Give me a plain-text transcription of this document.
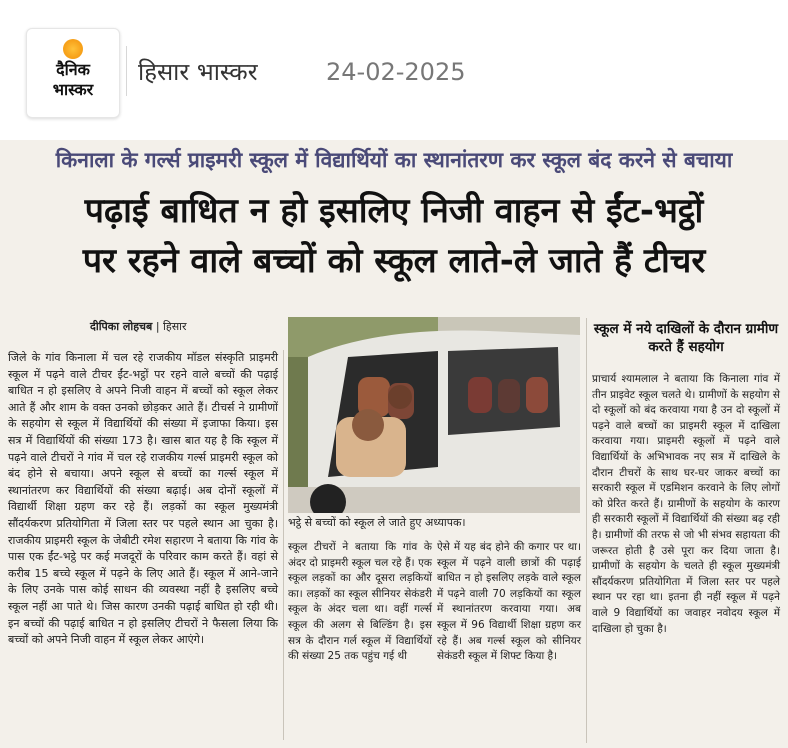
दैनिक
भास्कर
हिसार भास्कर	24-02-2025
किनाला के गर्ल्स प्राइमरी स्कूल में विद्यार्थियों का स्थानांतरण कर स्कूल बंद करने से बचाया
पढ़ाई बाधित न हो इसलिए निजी वाहन से ईंट-भट्ठों
पर रहने वाले बच्चों को स्कूल लाते-ले जाते हैं टीचर
दीपिका लोहचब | हिसार
जिले के गांव किनाला में चल रहे राजकीय मॉडल संस्कृति प्राइमरी स्कूल में पढ़ने वाले टीचर ईंट-भट्ठों पर रहने वाले बच्चों की पढ़ाई बाधित न हो इसलिए वे अपने निजी वाहन में बच्चों को स्कूल लेकर आते हैं और शाम के वक्त उनको छोड़कर आते हैं। टीचर्स ने ग्रामीणों के सहयोग से स्कूल में विद्यार्थियों की संख्या में इजाफा किया। इस सत्र में विद्यार्थियों की संख्या 173 है। खास बात यह है कि स्कूल में पढ़ने वाले टीचरों ने गांव में चल रहे राजकीय गर्ल्स प्राइमरी स्कूल को बंद होने से बचाया। अपने स्कूल से बच्चों का गर्ल्स स्कूल में स्थानांतरण कर विद्यार्थियों की संख्या बढ़ाई। अब दोनों स्कूलों में विद्यार्थी शिक्षा ग्रहण कर रहे हैं। लड़कों का स्कूल मुख्यमंत्री सौंदर्यकरण प्रतियोगिता में जिला स्तर पर पहले स्थान आ चुका है। राजकीय प्राइमरी स्कूल के जेबीटी रमेश सहारण ने बताया कि गांव के पास एक ईंट-भट्ठे पर कई मजदूरों के परिवार काम करते हैं। वहां से करीब 15 बच्चे स्कूल में पढ़ने के लिए आते हैं। स्कूल में आने-जाने के लिए उनके पास कोई साधन की व्यवस्था नहीं है इसलिए बच्चे स्कूल नहीं आ पाते थे। जिस कारण उनकी पढ़ाई बाधित हो रही थी। इन बच्चों की पढ़ाई बाधित न हो इसलिए टीचरों ने फैसला लिया कि बच्चों को अपने निजी वाहन में स्कूल लेकर आएंगे।
भट्ठे से बच्चों को स्कूल ले जाते हुए अध्यापक।
स्कूल टीचरों ने बताया कि गांव के अंदर दो प्राइमरी स्कूल चल रहे हैं। एक स्कूल लड़कों का और दूसरा लड़कियों का। लड़कों का स्कूल सीनियर सेकंडरी स्कूल के अंदर चला था। वहीं गर्ल्स स्कूल की अलग से बिल्डिंग है। इस सत्र के दौरान गर्ल स्कूल में विद्यार्थियों की संख्या 25 तक पहुंच गई थी
ऐसे में यह बंद होने की कगार पर था। स्कूल में पढ़ने वाली छात्रों की पढ़ाई बाधित न हो इसलिए लड़के वाले स्कूल में पढ़ने वाली 70 लड़कियों का स्कूल में स्थानांतरण करवाया गया। अब स्कूल में 96 विद्यार्थी शिक्षा ग्रहण कर रहे हैं। अब गर्ल्स स्कूल को सीनियर सेकंडरी स्कूल में शिफ्ट किया है।
स्कूल में नये दाखिलों के दौरान ग्रामीण करते हैं सहयोग
प्राचार्य श्यामलाल ने बताया कि किनाला गांव में तीन प्राइवेट स्कूल चलते थे। ग्रामीणों के सहयोग से दो स्कूलों को बंद करवाया गया है उन दो स्कूलों में पढ़ने वाले बच्चों का प्राइमरी स्कूल में दाखिला करवाया गया। प्राइमरी स्कूलों में पढ़ने वाले विद्यार्थियों के अभिभावक नए सत्र में दाखिले के दौरान टीचरों के साथ घर-घर जाकर बच्चों का सरकारी स्कूल में एडमिशन करवाने के लिए लोगों को प्रेरित करते हैं। ग्रामीणों के सहयोग के कारण ही सरकारी स्कूलों में विद्यार्थियों की संख्या बढ़ रही है। ग्रामीणों की तरफ से जो भी संभव सहायता की जरूरत होती है उसे पूरा कर दिया जाता है। ग्रामीणों के सहयोग के चलते ही स्कूल मुख्यमंत्री सौंदर्यकरण प्रतियोगिता में जिला स्तर पर पहले स्थान पर रहा था। इतना ही नहीं स्कूल में पढ़ने वाले 9 विद्यार्थियों का जवाहर नवोदय स्कूल में दाखिला हो चुका है।
